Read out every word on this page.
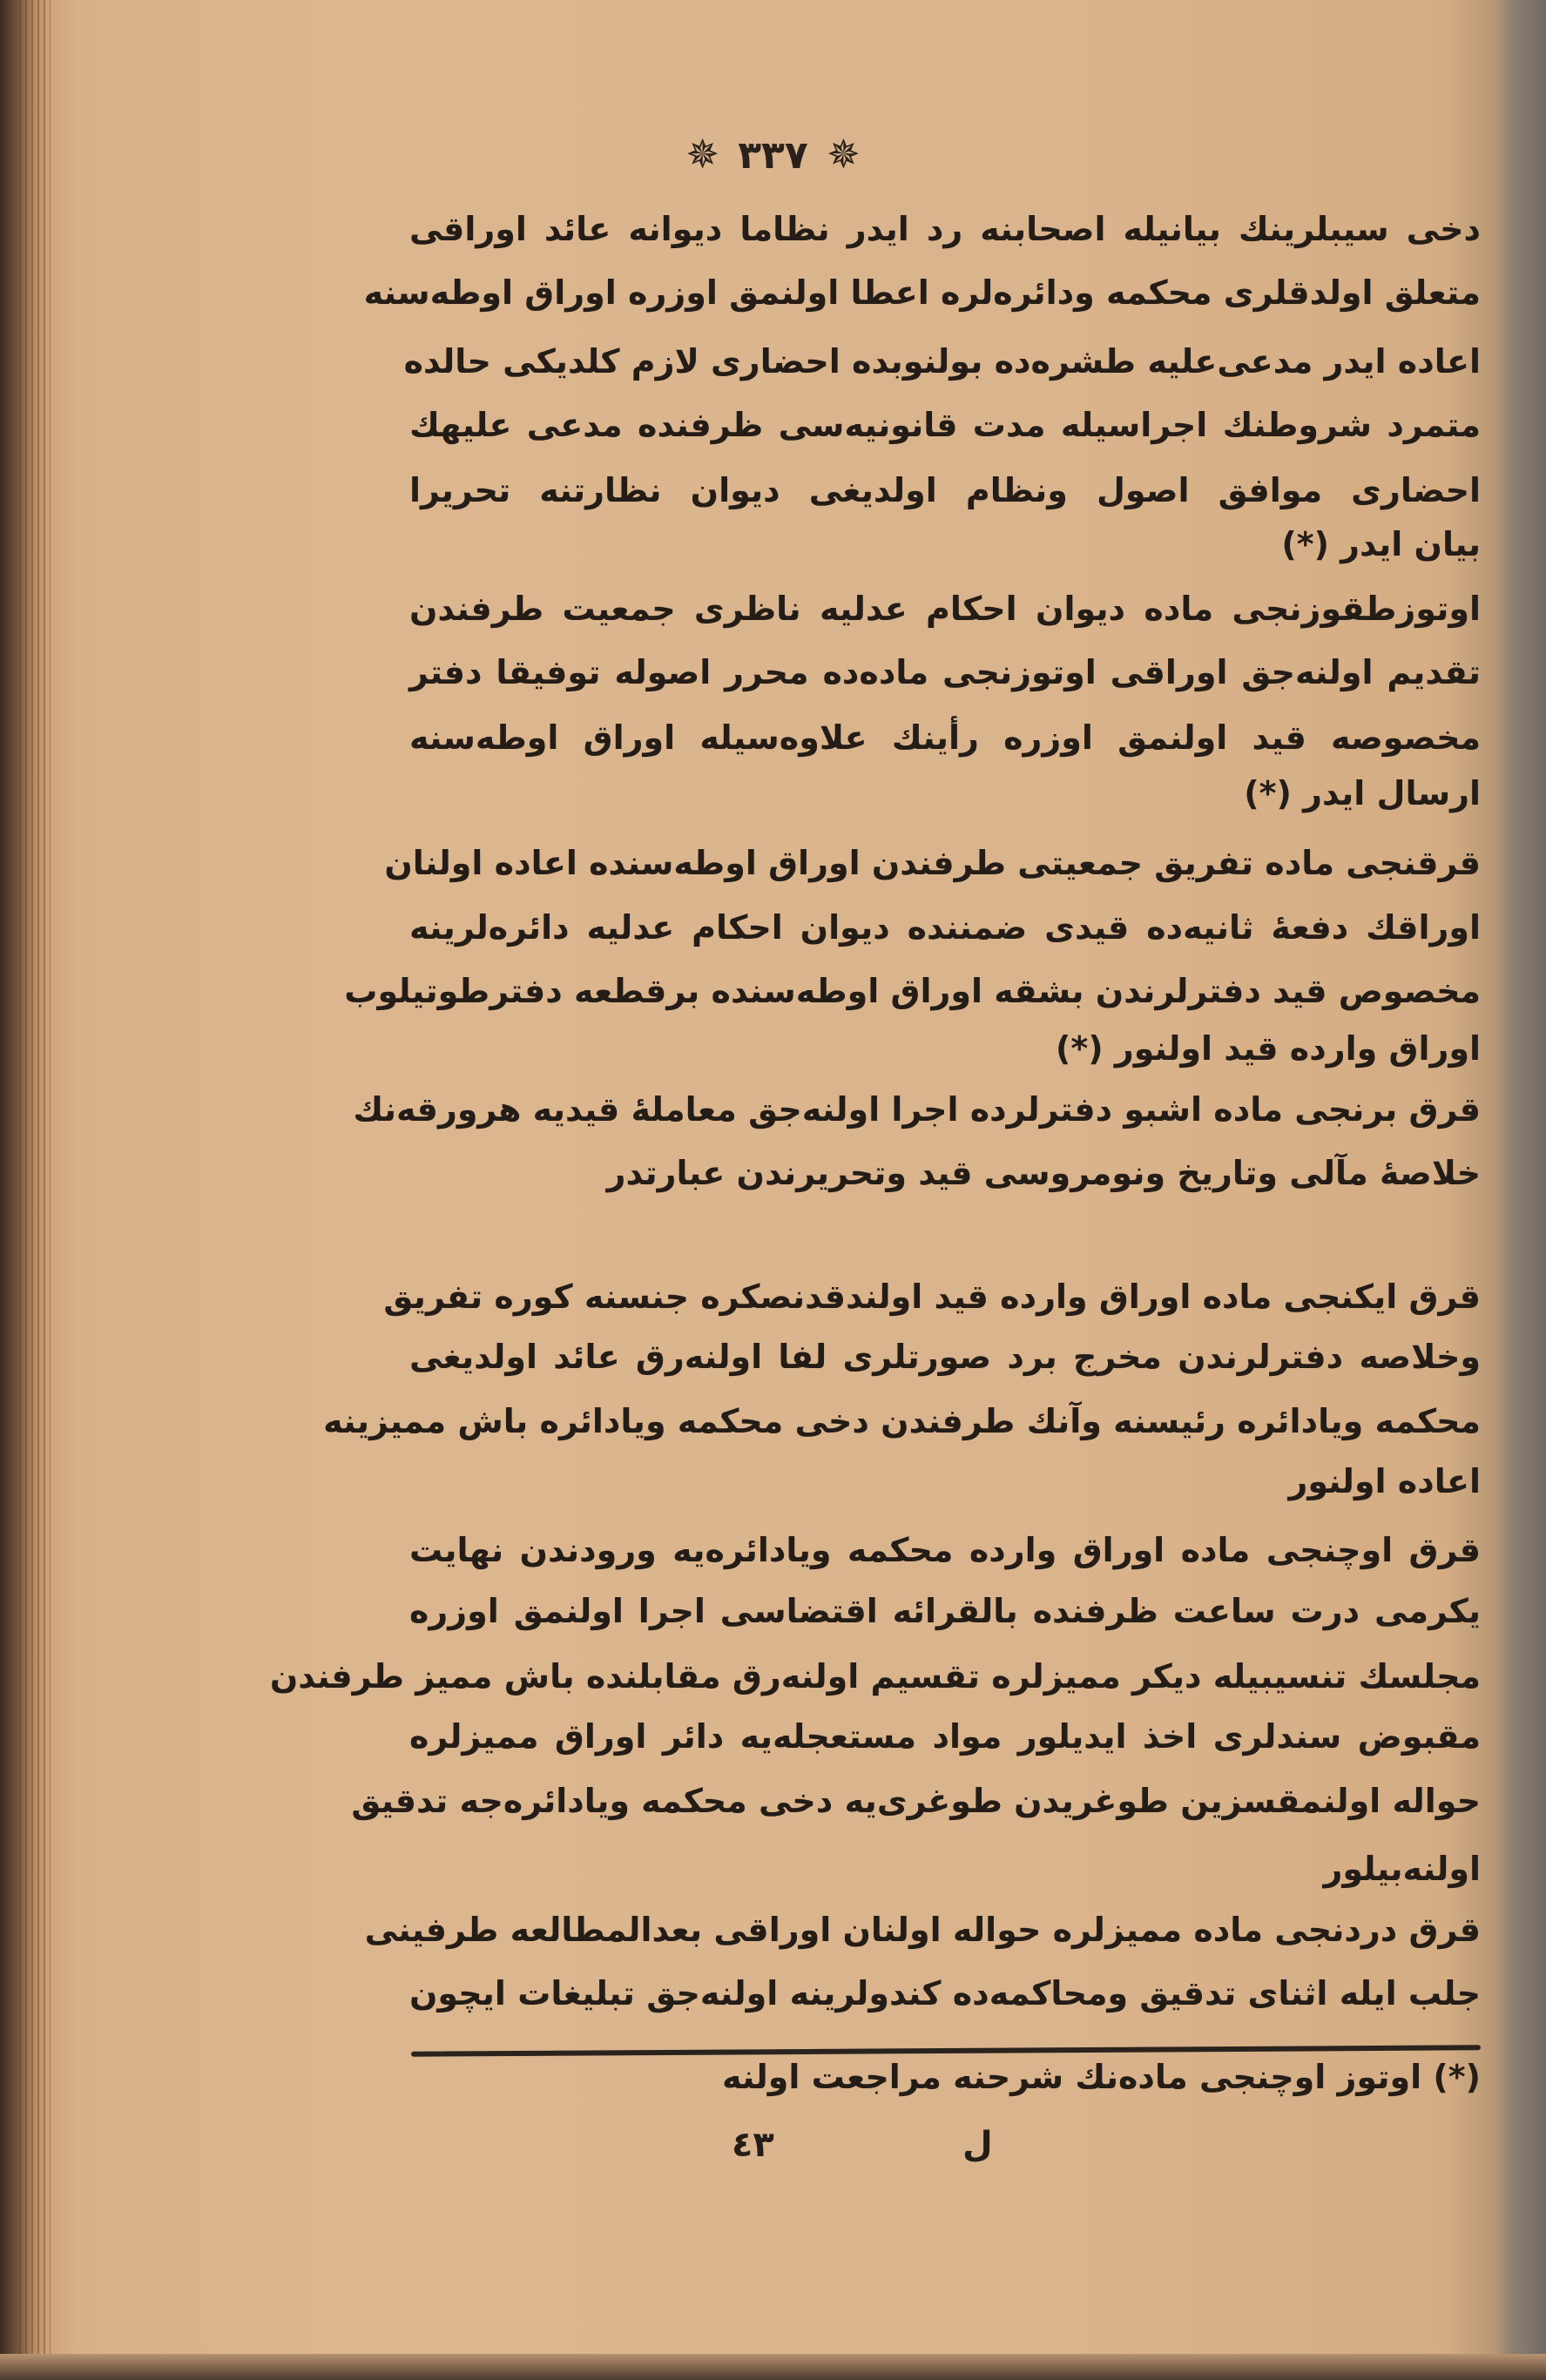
✵ ٣٣٧ ✵
دخی سیبلرینك بیانیله اصحابنه رد ایدر نظاما دیوانه عائد اوراقی
متعلق اولدقلری محکمه ودائره‌لره اعطا اولنمق اوزره اوراق اوطه‌سنه
اعاده ایدر مدعی‌علیه طشره‌ده بولنوبده احضاری لازم کلدیکی حالده
متمرد شروطنك اجراسیله مدت قانونیه‌سی ظرفنده مدعی علیهك
احضاری موافق اصول ونظام اولدیغی دیوان نظارتنه تحریرا
بیان ایدر (*)
اوتوزطقوزنجی ماده دیوان احکام عدلیه ناظری جمعیت طرفندن
تقدیم اولنه‌جق اوراقی اوتوزنجی ماده‌ده محرر اصوله توفیقا دفتر
مخصوصه قید اولنمق اوزره رأینك علاوه‌سیله اوراق اوطه‌سنه
ارسال ایدر (*)
قرقنجی ماده تفریق جمعیتی طرفندن اوراق اوطه‌سنده اعاده اولنان
اوراقك دفعهٔ ثانیه‌ده قیدی ضمننده دیوان احکام عدلیه دائره‌لرینه
مخصوص قید دفترلرندن بشقه اوراق اوطه‌سنده برقطعه دفترطوتیلوب
اوراق وارده قید اولنور (*)
قرق برنجی ماده اشبو دفترلرده اجرا اولنه‌جق معاملهٔ قیدیه هرورقه‌نك
خلاصهٔ مآلی وتاریخ ونومروسی قید وتحریرندن عبارتدر
قرق ایکنجی ماده اوراق وارده قید اولندقدنصکره جنسنه کوره تفریق
وخلاصه دفترلرندن مخرج برد صورتلری لفا اولنه‌رق عائد اولدیغی
محکمه ویادائره رئیسنه وآنك طرفندن دخی محکمه ویادائره باش ممیزینه
اعاده اولنور
قرق اوچنجی ماده اوراق وارده محکمه ویادائره‌یه ورودندن نهایت
یکرمی درت ساعت ظرفنده بالقرائه اقتضاسی اجرا اولنمق اوزره
مجلسك تنسیبیله دیکر ممیزلره تقسیم اولنه‌رق مقابلنده باش ممیز طرفندن
مقبوض سندلری اخذ ایدیلور مواد مستعجله‌یه دائر اوراق ممیزلره
حواله اولنمقسزین طوغریدن طوغری‌یه دخی محکمه ویادائره‌جه تدقیق
اولنه‌بیلور
قرق دردنجی ماده ممیزلره حواله اولنان اوراقی بعدالمطالعه طرفینی
جلب ایله اثنای تدقیق ومحاکمه‌ده کندولرینه اولنه‌جق تبلیغات ایچون
(*) اوتوز اوچنجی ماده‌نك شرحنه مراجعت اولنه
٤٣	ل
